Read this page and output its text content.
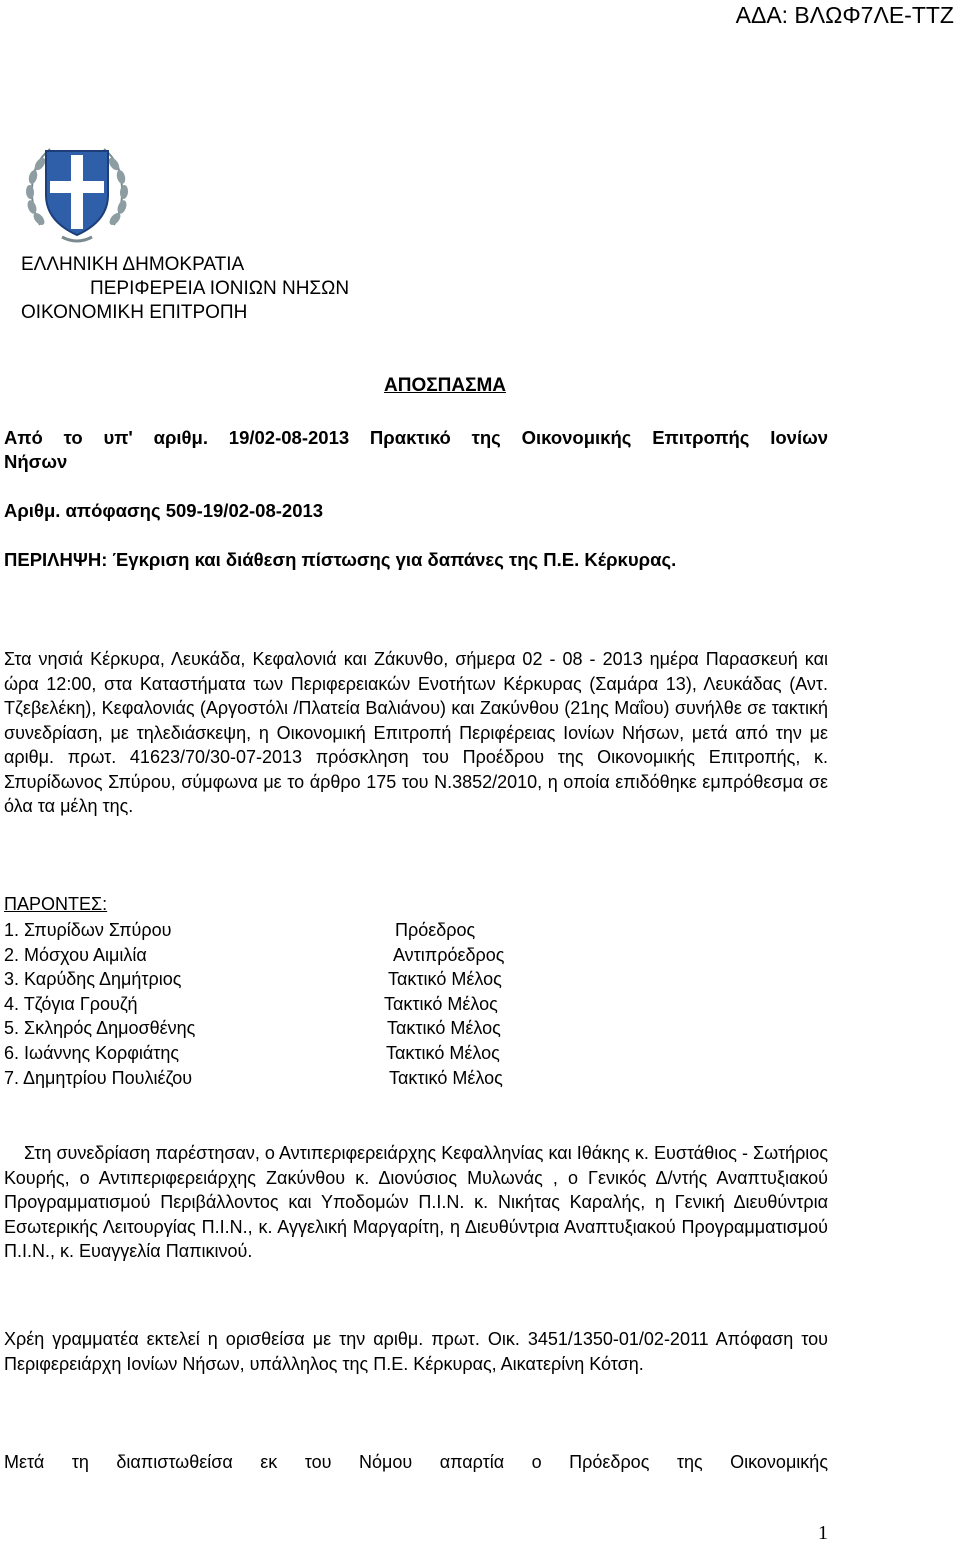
ΑΔΑ: ΒΛΩΦ7ΛΕ-ΤΤΖ
ΕΛΛΗΝΙΚΗ ΔΗΜΟΚΡΑΤΙΑ
ΠΕΡΙΦΕΡΕΙΑ ΙΟΝΙΩΝ ΝΗΣΩΝ
ΟΙΚΟΝΟΜΙΚΗ ΕΠΙΤΡΟΠΗ
ΑΠΟΣΠΑΣΜΑ
Από το υπ' αριθμ. 19/02-08-2013 Πρακτικό της Οικονομικής Επιτροπής Ιονίων
Νήσων
Αριθμ. απόφασης 509-19/02-08-2013
ΠΕΡΙΛΗΨΗ: Έγκριση και διάθεση πίστωσης για δαπάνες της Π.Ε. Κέρκυρας.
Στα νησιά Κέρκυρα, Λευκάδα, Κεφαλονιά και Ζάκυνθο, σήμερα 02 - 08 - 2013 ημέρα Παρασκευή και ώρα 12:00, στα Καταστήματα των Περιφερειακών Ενοτήτων Κέρκυρας (Σαμάρα 13), Λευκάδας (Αντ. Τζεβελέκη), Κεφαλονιάς (Αργοστόλι /Πλατεία Βαλιάνου) και Ζακύνθου (21ης Μαΐου) συνήλθε σε τακτική συνεδρίαση, με τηλεδιάσκεψη, η Οικονομική Επιτροπή Περιφέρειας Ιονίων Νήσων, μετά από την με αριθμ. πρωτ. 41623/70/30-07-2013 πρόσκληση του Προέδρου της Οικονομικής Επιτροπής, κ. Σπυρίδωνος Σπύρου, σύμφωνα με το άρθρο 175 του Ν.3852/2010, η οποία επιδόθηκε εμπρόθεσμα σε όλα τα μέλη της.
ΠΑΡΟΝΤΕΣ:
1. Σπυρίδων Σπύρου	Πρόεδρος
2. Μόσχου Αιμιλία	Αντιπρόεδρος
3. Καρύδης Δημήτριος	Τακτικό Μέλος
4. Τζόγια Γρουζή	Τακτικό Μέλος
5. Σκληρός Δημοσθένης	Τακτικό Μέλος
6. Ιωάννης Κορφιάτης	Τακτικό Μέλος
7. Δημητρίου Πουλιέζου	Τακτικό Μέλος
Στη συνεδρίαση παρέστησαν, ο Αντιπεριφερειάρχης Κεφαλληνίας και Ιθάκης κ. Ευστάθιος - Σωτήριος Κουρής, ο Αντιπεριφερειάρχης Ζακύνθου κ. Διονύσιος Μυλωνάς , ο Γενικός Δ/ντής Αναπτυξιακού Προγραμματισμού Περιβάλλοντος και Υποδομών Π.Ι.Ν. κ. Νικήτας Καραλής, η Γενική Διευθύντρια Εσωτερικής Λειτουργίας Π.Ι.Ν., κ. Αγγελική Μαργαρίτη, η Διευθύντρια Αναπτυξιακού Προγραμματισμού Π.Ι.Ν., κ. Ευαγγελία Παπικινού.
Χρέη γραμματέα εκτελεί η ορισθείσα με την αριθμ. πρωτ. Οικ. 3451/1350-01/02-2011 Απόφαση του Περιφερειάρχη Ιονίων Νήσων, υπάλληλος της Π.Ε. Κέρκυρας, Αικατερίνη Κότση.
Μετά τη διαπιστωθείσα εκ του Νόμου απαρτία ο Πρόεδρος της Οικονομικής
1
